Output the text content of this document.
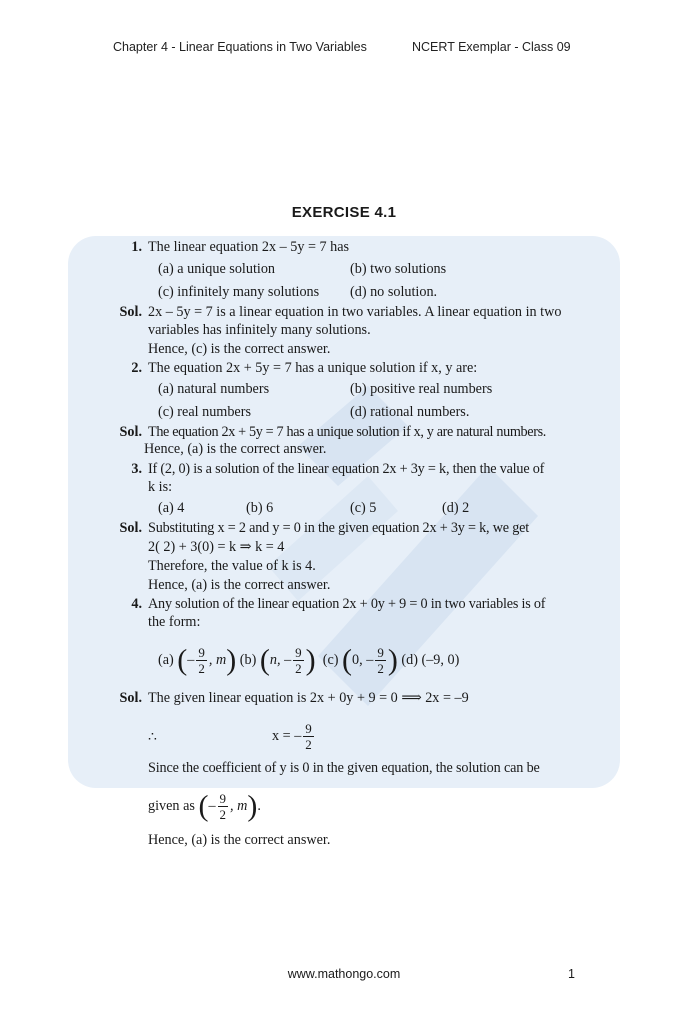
Chapter 4 - Linear Equations in Two Variables	NCERT Exemplar - Class 09
EXERCISE 4.1
1. The linear equation 2x – 5y = 7 has
(a) a unique solution	(b) two solutions
(c) infinitely many solutions (d) no solution.
Sol. 2x – 5y = 7 is a linear equation in two variables. A linear equation in two
variables has infinitely many solutions.
Hence, (c) is the correct answer.
2. The equation 2x + 5y = 7 has a unique solution if x, y are:
(a) natural numbers	(b) positive real numbers
(c) real numbers	(d) rational numbers.
Sol. The equation 2x + 5y = 7 has a unique solution if x, y are natural numbers.
Hence, (a) is the correct answer.
3. If (2, 0) is a solution of the linear equation 2x + 3y = k, then the value of
k is:
(a) 4	(b) 6	(c) 5	(d) 2
Sol. Substituting x = 2 and y = 0 in the given equation 2x + 3y = k, we get
2( 2) + 3(0) = k ⇒ k = 4
Therefore, the value of k is 4.
Hence, (a) is the correct answer.
4. Any solution of the linear equation 2x + 0y + 9 = 0 in two variables is of
the form:
(a) (– $\frac{9}{2}$ , m) (b) (n, – $\frac{9}{2}$ ) (c) (0, – $\frac{9}{2}$ ) (d) (–9, 0)
Sol. The given linear equation is 2x + 0y + 9 = 0 ⟹ 2x = –9
∴	x = – $\frac{9}{2}$
Since the coefficient of y is 0 in the given equation, the solution can be
given as (– $\frac{9}{2}$ , m).
Hence, (a) is the correct answer.
www.mathongo.com	1
